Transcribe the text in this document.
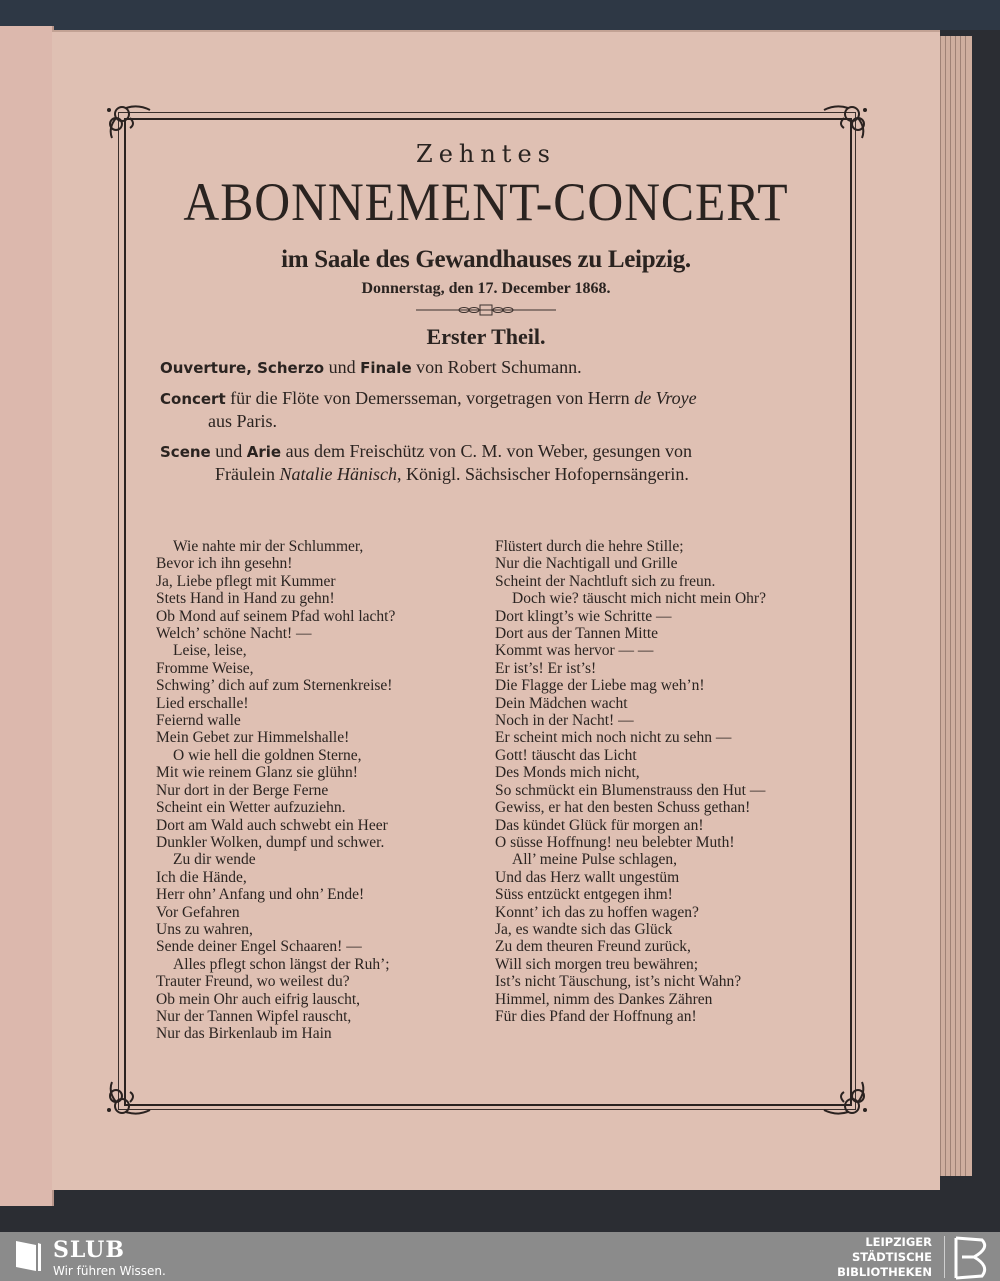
Zehntes
ABONNEMENT-CONCERT
im Saale des Gewandhauses zu Leipzig.
Donnerstag, den 17. December 1868.
Erster Theil.
Ouverture, Scherzo und Finale von Robert Schumann.
Concert für die Flöte von Demersseman, vorgetragen von Herrn de Vroye
aus Paris.
Scene und Arie aus dem Freischütz von C. M. von Weber, gesungen von
Fräulein Natalie Hänisch, Königl. Sächsischer Hofopernsängerin.
Wie nahte mir der Schlummer,
Bevor ich ihn gesehn!
Ja, Liebe pflegt mit Kummer
Stets Hand in Hand zu gehn!
Ob Mond auf seinem Pfad wohl lacht?
Welch’ schöne Nacht! —
Leise, leise,
Fromme Weise,
Schwing’ dich auf zum Sternenkreise!
Lied erschalle!
Feiernd walle
Mein Gebet zur Himmelshalle!
O wie hell die goldnen Sterne,
Mit wie reinem Glanz sie glühn!
Nur dort in der Berge Ferne
Scheint ein Wetter aufzuziehn.
Dort am Wald auch schwebt ein Heer
Dunkler Wolken, dumpf und schwer.
Zu dir wende
Ich die Hände,
Herr ohn’ Anfang und ohn’ Ende!
Vor Gefahren
Uns zu wahren,
Sende deiner Engel Schaaren! —
Alles pflegt schon längst der Ruh’;
Trauter Freund, wo weilest du?
Ob mein Ohr auch eifrig lauscht,
Nur der Tannen Wipfel rauscht,
Nur das Birkenlaub im Hain
Flüstert durch die hehre Stille;
Nur die Nachtigall und Grille
Scheint der Nachtluft sich zu freun.
Doch wie? täuscht mich nicht mein Ohr?
Dort klingt’s wie Schritte —
Dort aus der Tannen Mitte
Kommt was hervor — —
Er ist’s! Er ist’s!
Die Flagge der Liebe mag weh’n!
Dein Mädchen wacht
Noch in der Nacht! —
Er scheint mich noch nicht zu sehn —
Gott! täuscht das Licht
Des Monds mich nicht,
So schmückt ein Blumenstrauss den Hut —
Gewiss, er hat den besten Schuss gethan!
Das kündet Glück für morgen an!
O süsse Hoffnung! neu belebter Muth!
All’ meine Pulse schlagen,
Und das Herz wallt ungestüm
Süss entzückt entgegen ihm!
Konnt’ ich das zu hoffen wagen?
Ja, es wandte sich das Glück
Zu dem theuren Freund zurück,
Will sich morgen treu bewähren;
Ist’s nicht Täuschung, ist’s nicht Wahn?
Himmel, nimm des Dankes Zähren
Für dies Pfand der Hoffnung an!
SLUB
Wir führen Wissen.
LEIPZIGER
STÄDTISCHE
BIBLIOTHEKEN
